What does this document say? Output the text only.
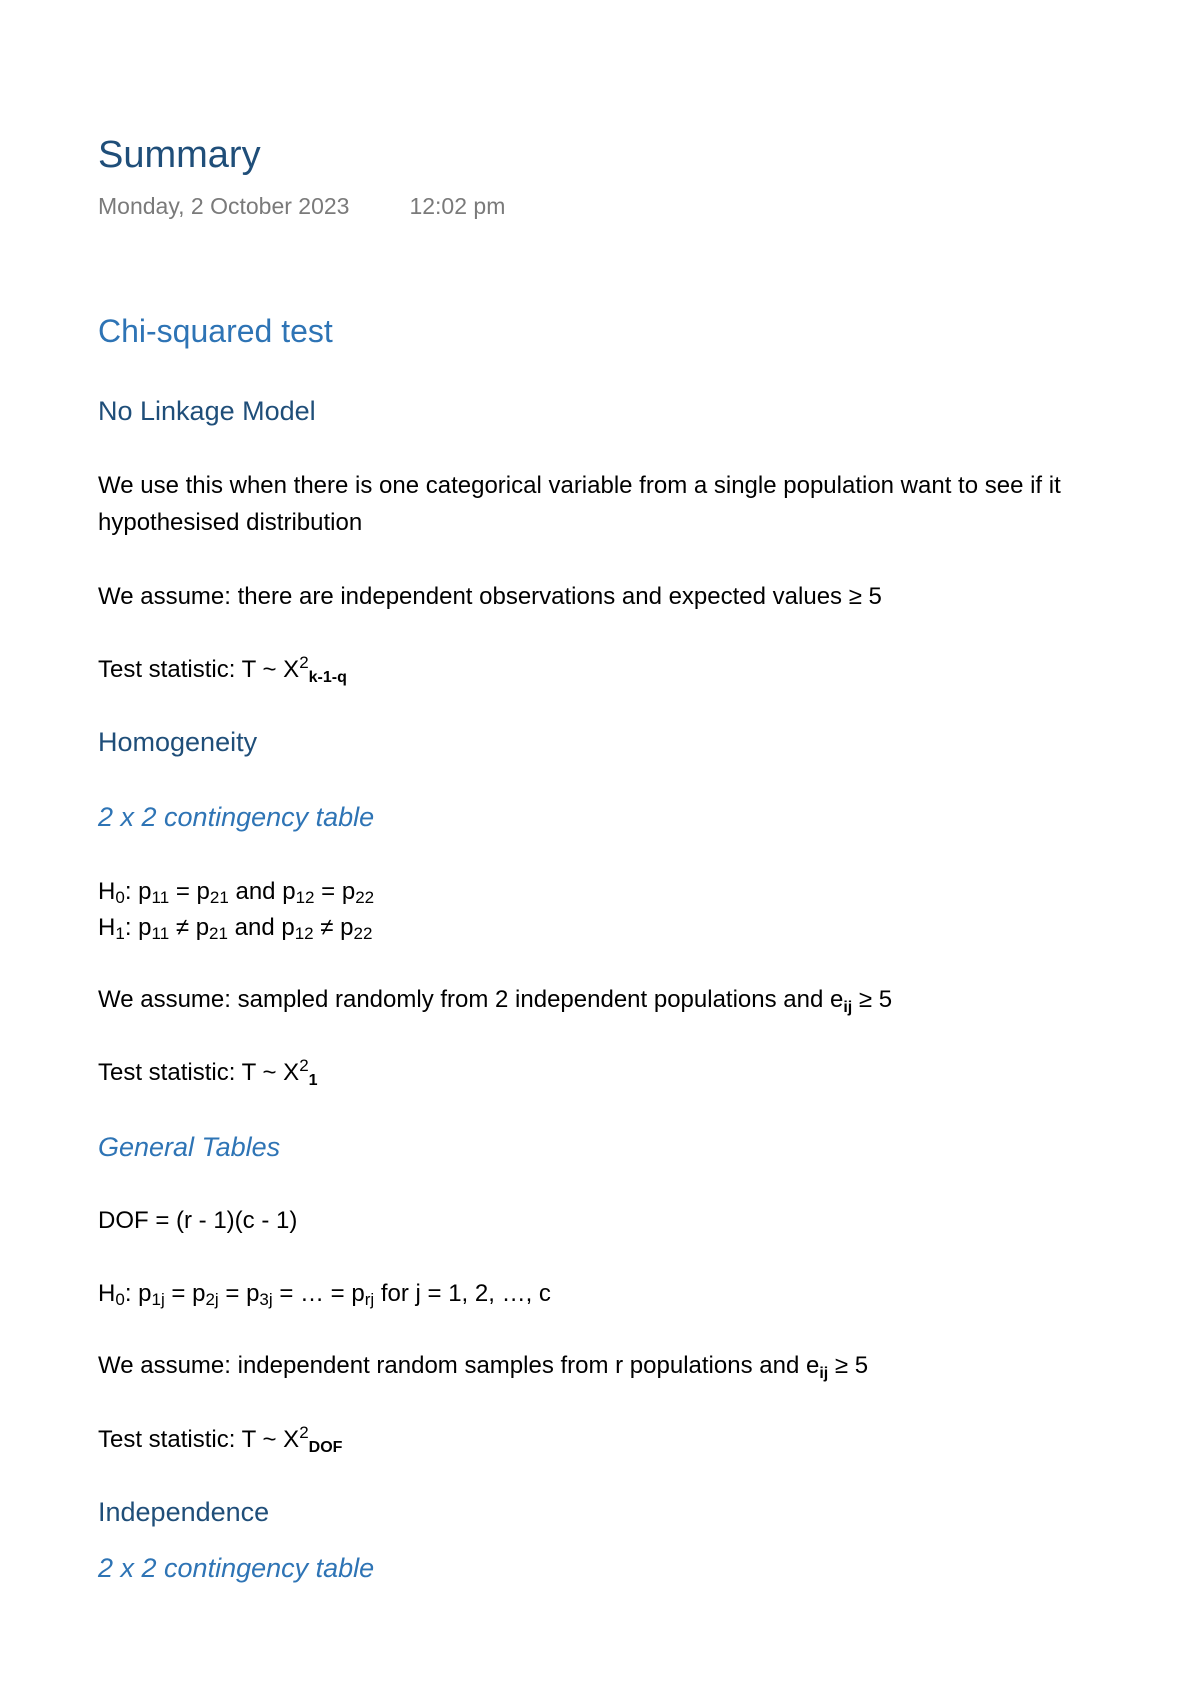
Summary
Monday, 2 October 2023	12:02 pm
Chi-squared test
No Linkage Model
We use this when there is one categorical variable from a single population want to see if it
hypothesised distribution
We assume: there are independent observations and expected values ≥ 5
Test statistic: T ~ $X^2_{k-1-q}$
Homogeneity
2 x 2 contingency table
$H_0$: $p_{11} = p_{21}$ and $p_{12} = p_{22}$
$H_1$: $p_{11} \ne p_{21}$ and $p_{12} \ne p_{22}$
We assume: sampled randomly from 2 independent populations and $e_{ij} \ge 5$
Test statistic: T ~ $X^2_1$
General Tables
DOF = (r - 1)(c - 1)
$H_0$: $p_{1j} = p_{2j} = p_{3j}$ = … = $p_{rj}$ for j = 1, 2, …, c
We assume: independent random samples from r populations and $e_{ij} \ge 5$
Test statistic: T ~ $X^2_{DOF}$
Independence
2 x 2 contingency table
